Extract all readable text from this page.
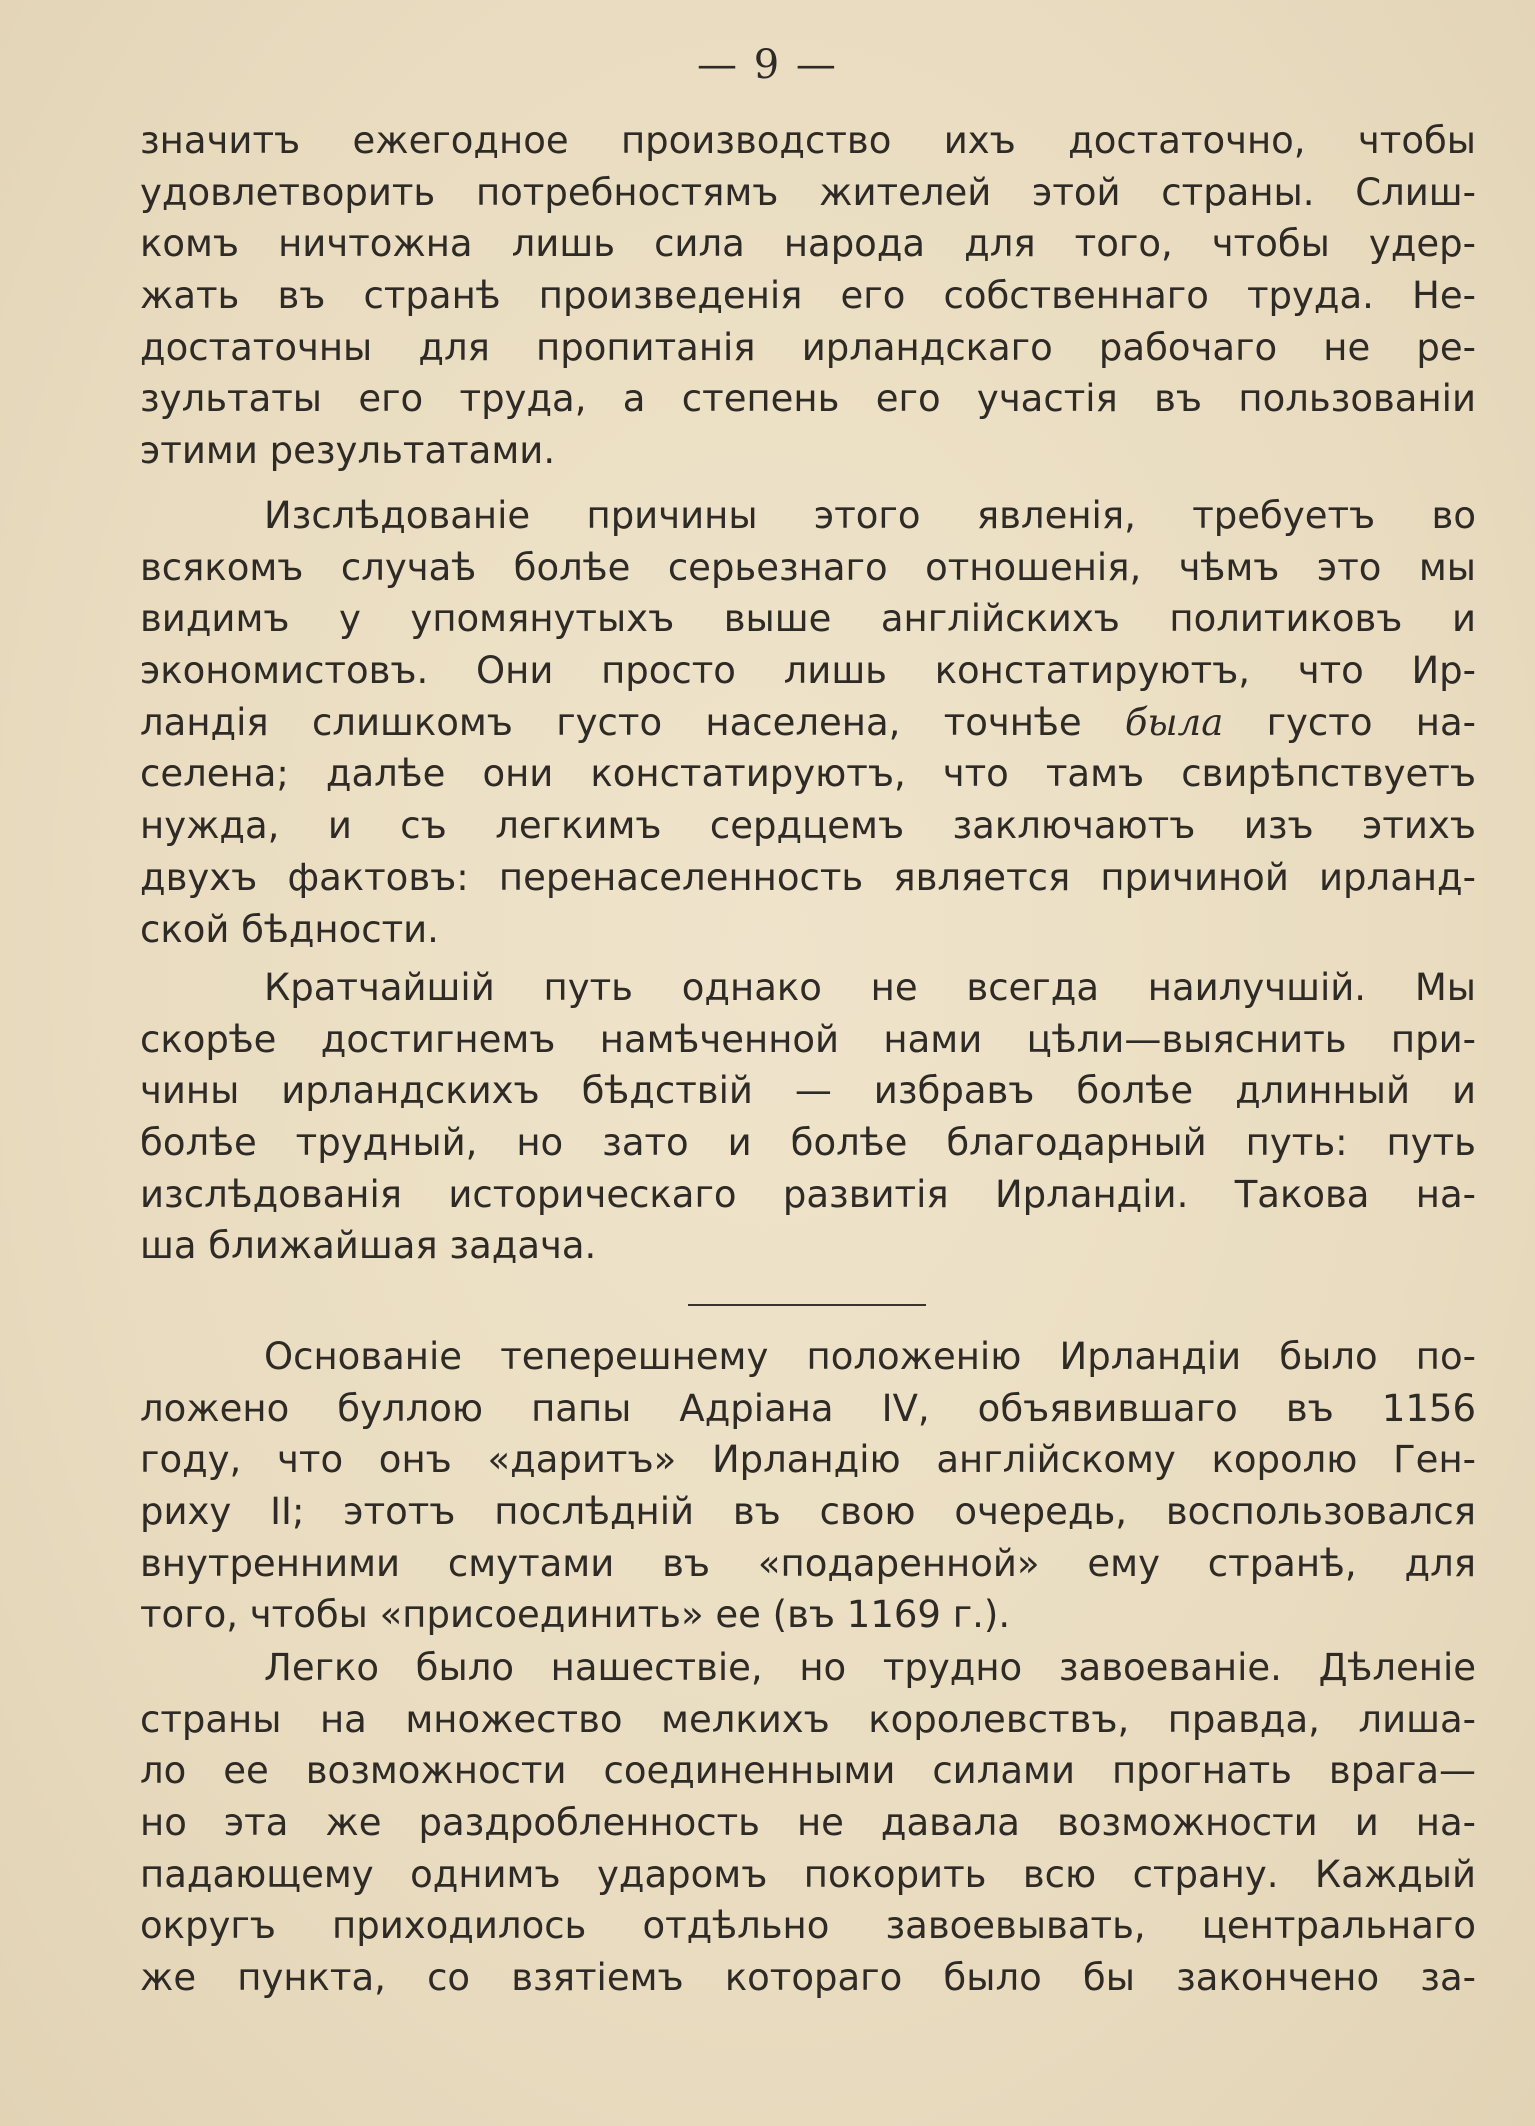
— 9 —
значитъ ежегодное производство ихъ достаточно, чтобы
удовлетворить потребностямъ жителей этой страны. Слиш-
комъ ничтожна лишь сила народа для того, чтобы удер-
жать въ странѣ произведенія его собственнаго труда. Не-
достаточны для пропитанія ирландскаго рабочаго не ре-
зультаты его труда, а степень его участія въ пользованіи
этими результатами.
Изслѣдованіе причины этого явленія, требуетъ во
всякомъ случаѣ болѣе серьезнаго отношенія, чѣмъ это мы
видимъ у упомянутыхъ выше англійскихъ политиковъ и
экономистовъ. Они просто лишь констатируютъ, что Ир-
ландія слишкомъ густо населена, точнѣе была густо на-
селена; далѣе они констатируютъ, что тамъ свирѣпствуетъ
нужда, и съ легкимъ сердцемъ заключаютъ изъ этихъ
двухъ фактовъ: перенаселенность является причиной ирланд-
ской бѣдности.
Кратчайшій путь однако не всегда наилучшій. Мы
скорѣе достигнемъ намѣченной нами цѣли—выяснить при-
чины ирландскихъ бѣдствій — избравъ болѣе длинный и
болѣе трудный, но зато и болѣе благодарный путь: путь
изслѣдованія историческаго развитія Ирландіи. Такова на-
ша ближайшая задача.
Основаніе теперешнему положенію Ирландіи было по-
ложено буллою папы Адріана IV, объявившаго въ 1156
году, что онъ «даритъ» Ирландію англійскому королю Ген-
риху II; этотъ послѣдній въ свою очередь, воспользовался
внутренними смутами въ «подаренной» ему странѣ, для
того, чтобы «присоединить» ее (въ 1169 г.).
Легко было нашествіе, но трудно завоеваніе. Дѣленіе
страны на множество мелкихъ королевствъ, правда, лиша-
ло ее возможности соединенными силами прогнать врага—
но эта же раздробленность не давала возможности и на-
падающему однимъ ударомъ покорить всю страну. Каждый
округъ приходилось отдѣльно завоевывать, центральнаго
же пункта, со взятіемъ котораго было бы закончено за-
